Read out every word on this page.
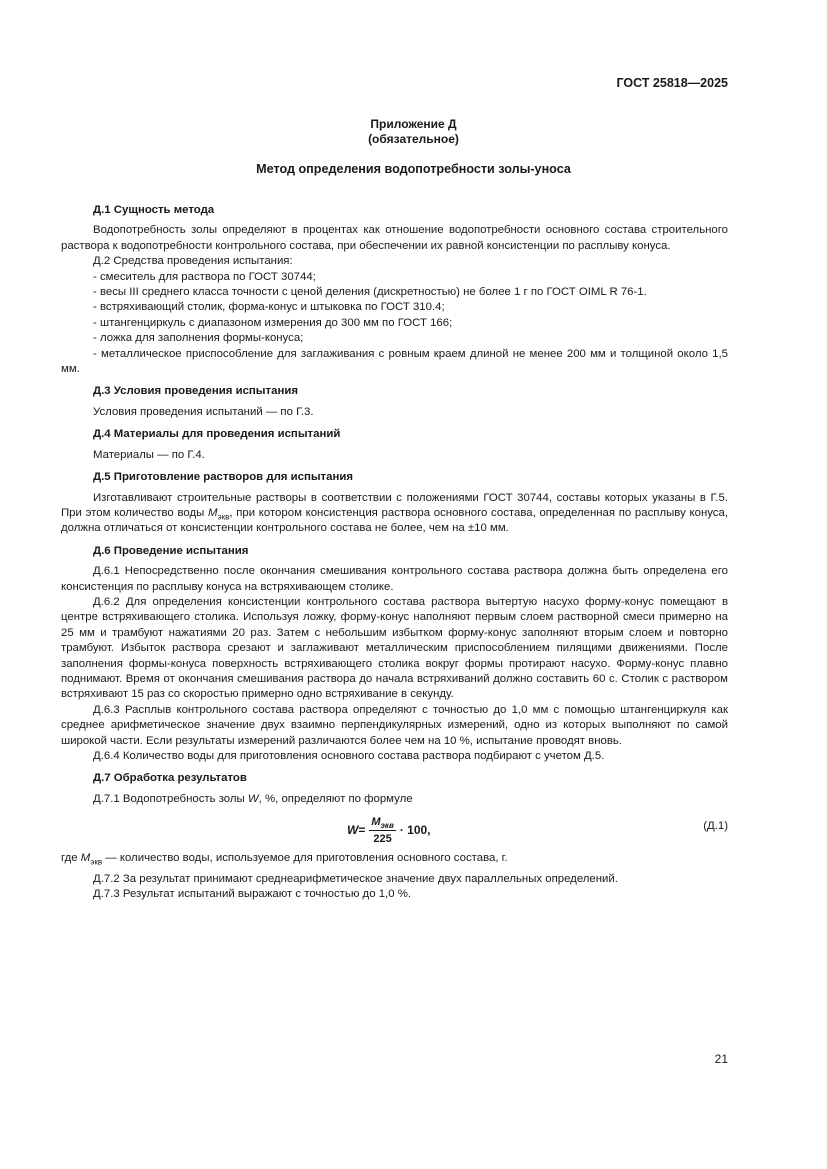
ГОСТ 25818—2025
Приложение Д
(обязательное)
Метод определения водопотребности золы-уноса

Д.1 Сущность метода

Водопотребность золы определяют в процентах как отношение водопотребности основного состава строительного раствора к водопотребности контрольного состава, при обеспечении их равной консистенции по расплыву конуса.

Д.2 Средства проведения испытания:

- смеситель для раствора по ГОСТ 30744;

- весы III среднего класса точности с ценой деления (дискретностью) не более 1 г по ГОСТ OIML R 76-1.

- встряхивающий столик, форма-конус и штыковка по ГОСТ 310.4;

- штангенциркуль с диапазоном измерения до 300 мм по ГОСТ 166;

- ложка для заполнения формы-конуса;

- металлическое приспособление для заглаживания с ровным краем длиной не менее 200 мм и толщиной около 1,5 мм.

Д.3 Условия проведения испытания

Условия проведения испытаний — по Г.3.

Д.4 Материалы для проведения испытаний

Материалы — по Г.4.

Д.5 Приготовление растворов для испытания

Изготавливают строительные растворы в соответствии с положениями ГОСТ 30744, составы которых указаны в Г.5. При этом количество воды $M_{экв}$, при котором консистенция раствора основного состава, определенная по расплыву конуса, должна отличаться от консистенции контрольного состава не более, чем на ±10 мм.

Д.6 Проведение испытания

Д.6.1 Непосредственно после окончания смешивания контрольного состава раствора должна быть определена его консистенция по расплыву конуса на встряхивающем столике.

Д.6.2 Для определения консистенции контрольного состава раствора вытертую насухо форму-конус помещают в центре встряхивающего столика. Используя ложку, форму-конус наполняют первым слоем растворной смеси примерно на 25 мм и трамбуют нажатиями 20 раз. Затем с небольшим избытком форму-конус заполняют вторым слоем и повторно трамбуют. Избыток раствора срезают и заглаживают металлическим приспособлением пилящими движениями. После заполнения формы-конуса поверхность встряхивающего столика вокруг формы протирают насухо. Форму-конус плавно поднимают. Время от окончания смешивания раствора до начала встряхиваний должно составить 60 с. Столик с раствором встряхивают 15 раз со скоростью примерно одно встряхивание в секунду.

Д.6.3 Расплыв контрольного состава раствора определяют с точностью до 1,0 мм с помощью штангенциркуля как среднее арифметическое значение двух взаимно перпендикулярных измерений, одно из которых выполняют по самой широкой части. Если результаты измерений различаются более чем на 10 %, испытание проводят вновь.

Д.6.4 Количество воды для приготовления основного состава раствора подбирают с учетом Д.5.

Д.7 Обработка результатов

Д.7.1 Водопотребность золы W, %, определяют по формуле

$W = \frac{M_{экв}}{225} \cdot 100$,	(Д.1)

где $M_{экв}$ — количество воды, используемое для приготовления основного состава, г.

Д.7.2 За результат принимают среднеарифметическое значение двух параллельных определений.

Д.7.3 Результат испытаний выражают с точностью до 1,0 %.

21
